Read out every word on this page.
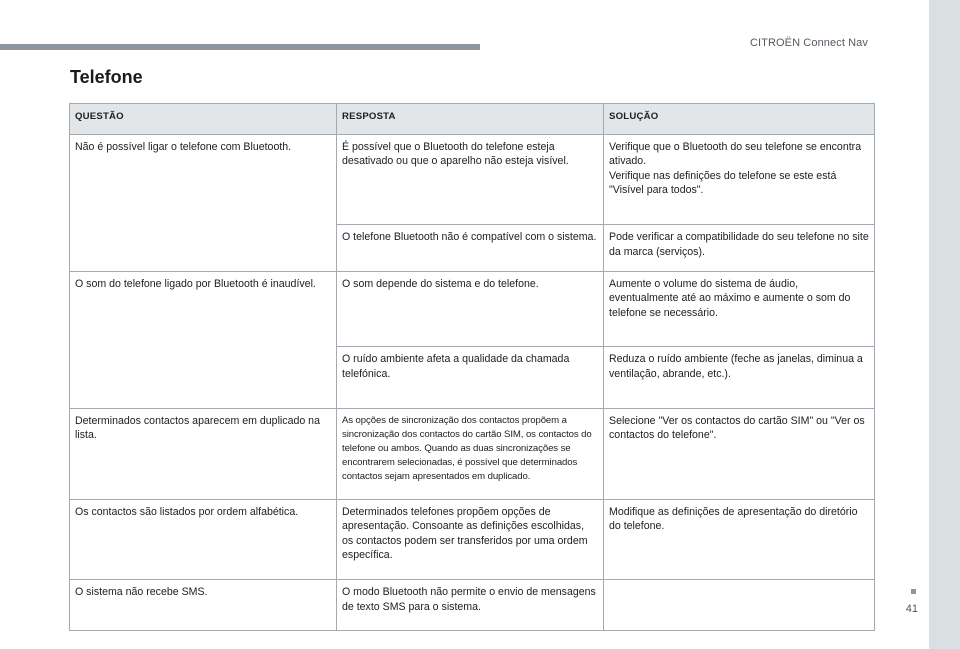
CITROËN Connect Nav
41
Telefone
QUESTÃO	RESPOSTA	SOLUÇÃO
Não é possível ligar o telefone com Bluetooth.	É possível que o Bluetooth do telefone esteja desativado ou que o aparelho não esteja visível.	Verifique que o Bluetooth do seu telefone se encontra ativado.
Verifique nas definições do telefone se este está "Visível para todos".

	O telefone Bluetooth não é compatível com o sistema.	Pode verificar a compatibilidade do seu telefone no site da marca (serviços).

O som do telefone ligado por Bluetooth é inaudível.	O som depende do sistema e do telefone.	Aumente o volume do sistema de áudio, eventualmente até ao máximo e aumente o som do telefone se necessário.

	O ruído ambiente afeta a qualidade da chamada telefónica.	Reduza o ruído ambiente (feche as janelas, diminua a ventilação, abrande, etc.).

Determinados contactos aparecem em duplicado na lista.	As opções de sincronização dos contactos propõem a sincronização dos contactos do cartão SIM, os contactos do telefone ou ambos. Quando as duas sincronizações se encontrarem selecionadas, é possível que determinados contactos sejam apresentados em duplicado.	Selecione "Ver os contactos do cartão SIM" ou "Ver os contactos do telefone".

Os contactos são listados por ordem alfabética.	Determinados telefones propõem opções de apresentação. Consoante as definições escolhidas, os contactos podem ser transferidos por uma ordem específica.	Modifique as definições de apresentação do diretório do telefone.

O sistema não recebe SMS.	O modo Bluetooth não permite o envio de mensagens de texto SMS para o sistema.	
